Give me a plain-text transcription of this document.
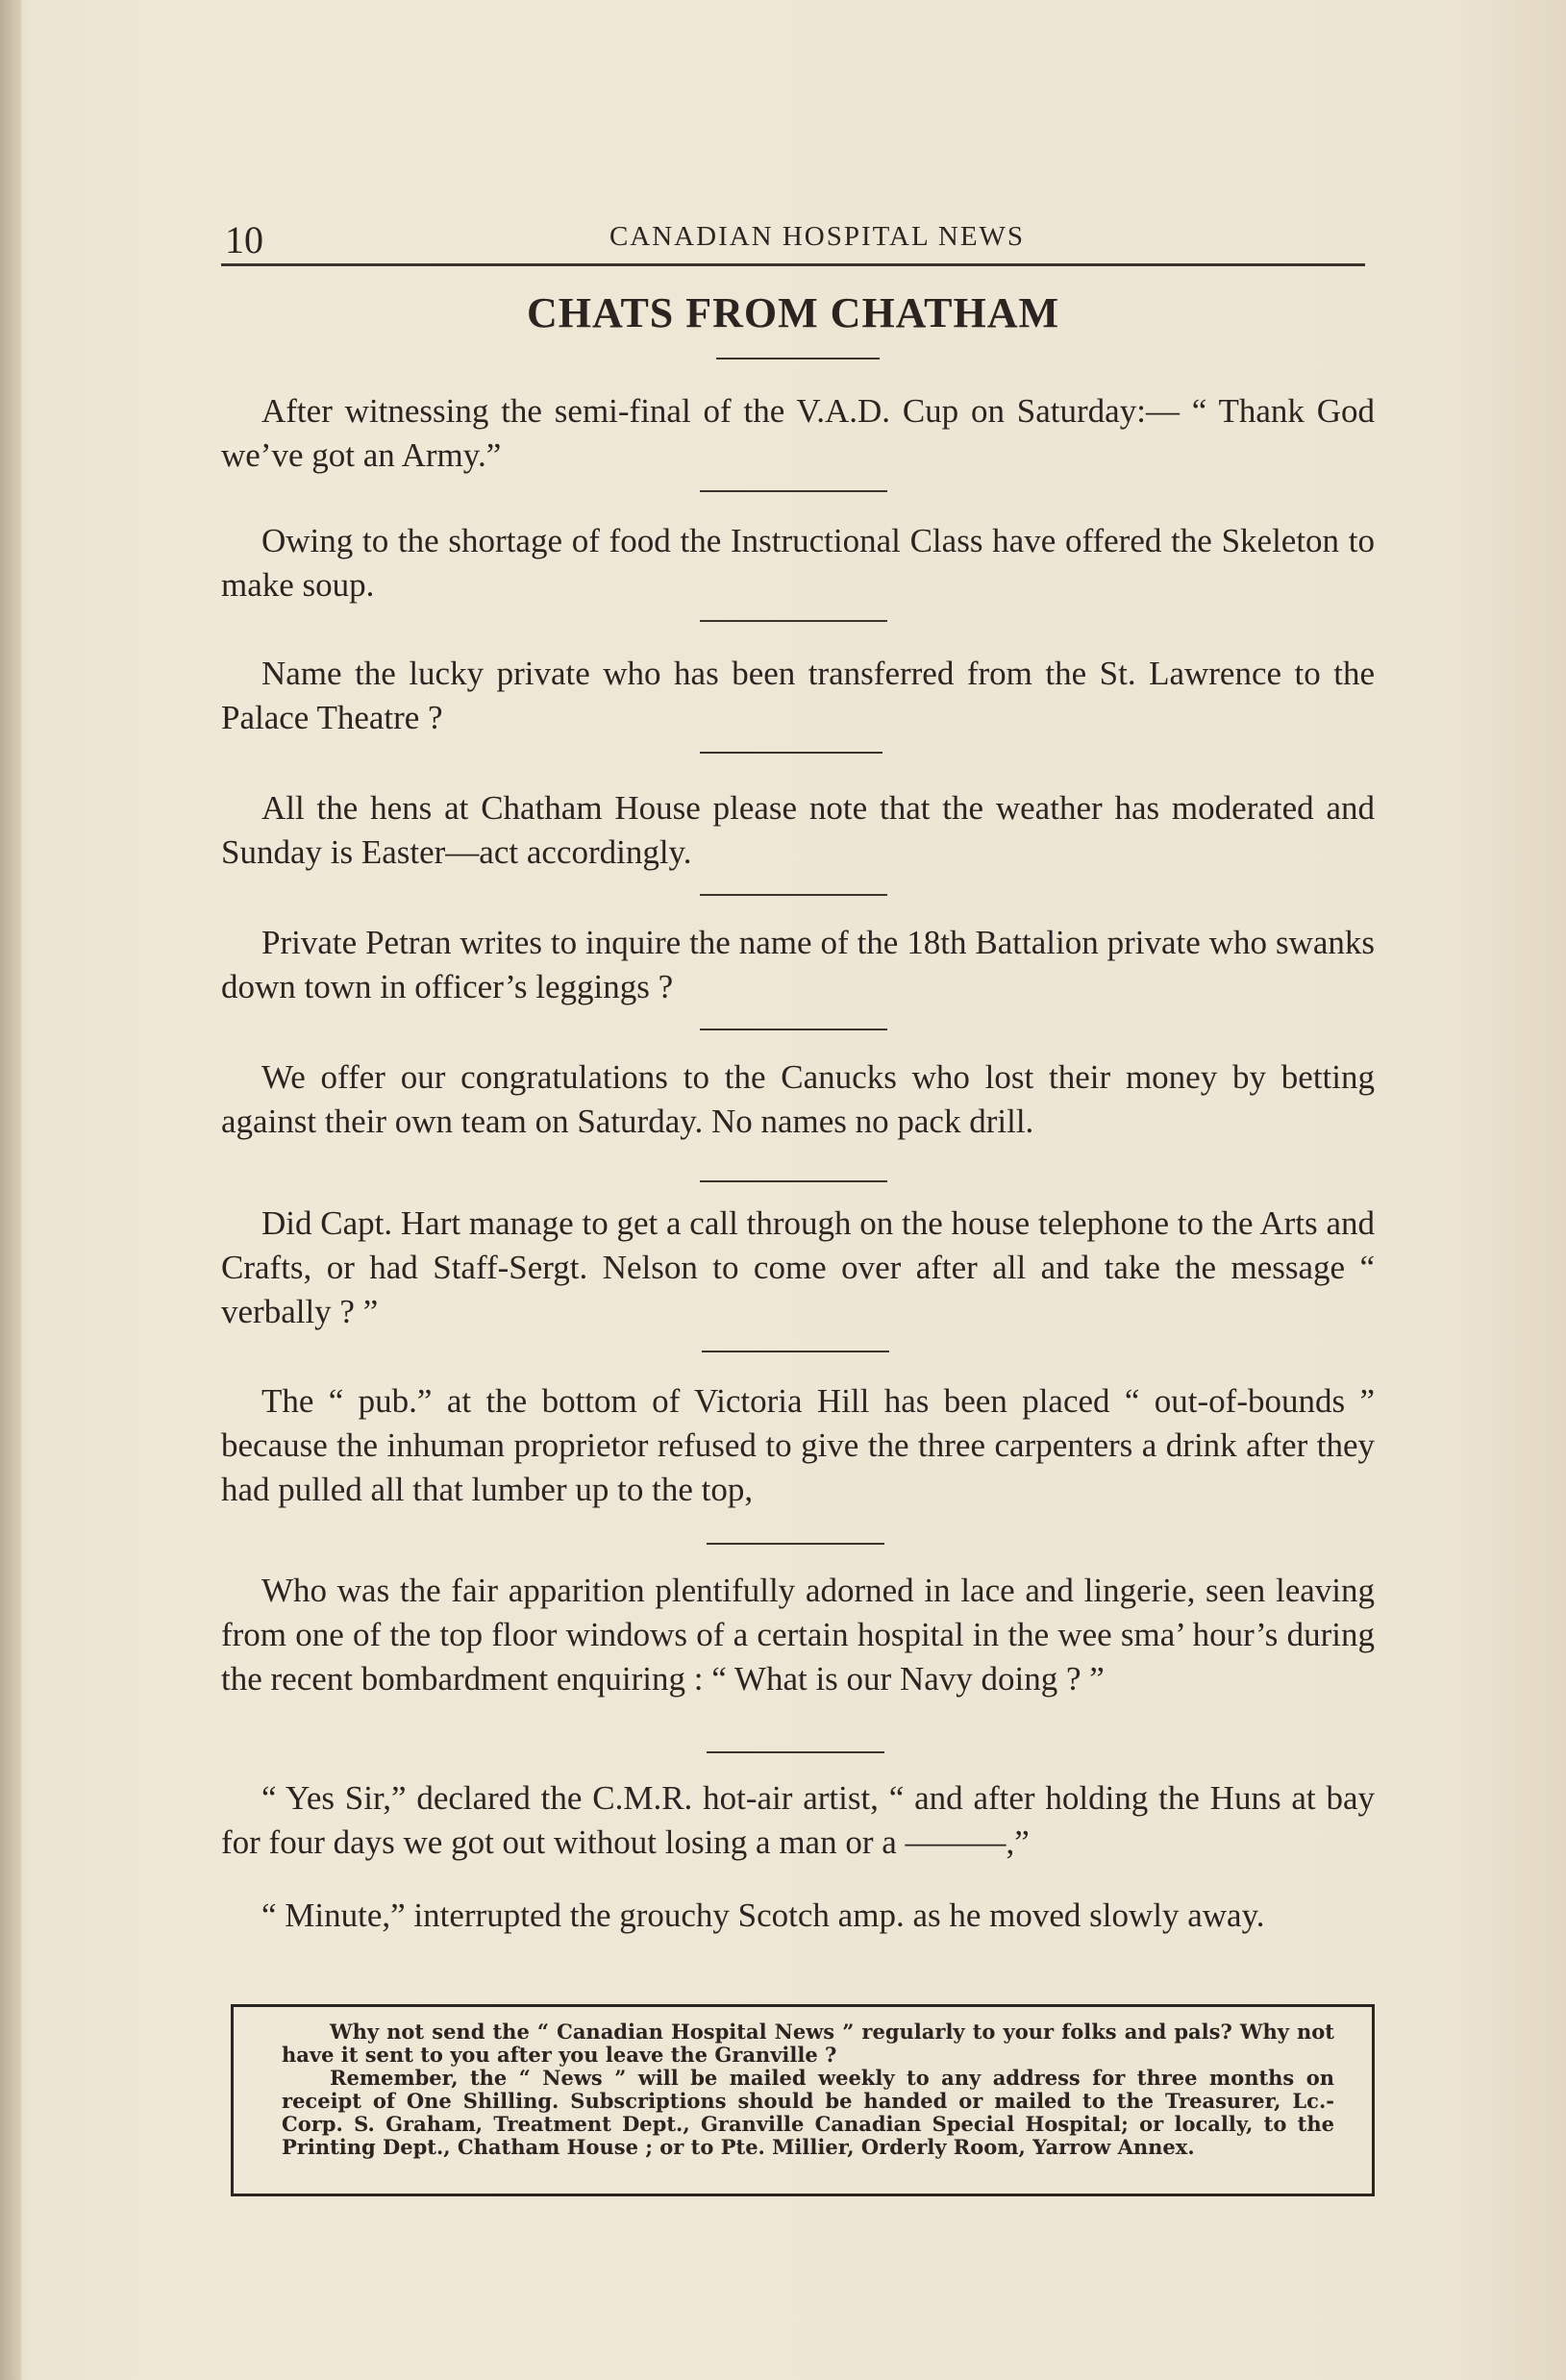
10	CANADIAN HOSPITAL NEWS
CHATS FROM CHATHAM
After witnessing the semi-final of the V.A.D. Cup on Saturday:— “ Thank God we’ve got an Army.”
Owing to the shortage of food the Instructional Class have offered the Skeleton to make soup.
Name the lucky private who has been transferred from the St. Lawrence to the Palace Theatre ?
All the hens at Chatham House please note that the weather has moderated and Sunday is Easter—act accordingly.
Private Petran writes to inquire the name of the 18th Battalion private who swanks down town in officer’s leggings ?
We offer our congratulations to the Canucks who lost their money by betting against their own team on Saturday. No names no pack drill.
Did Capt. Hart manage to get a call through on the house telephone to the Arts and Crafts, or had Staff-Sergt. Nelson to come over after all and take the message “ verbally ? ”
The “ pub.” at the bottom of Victoria Hill has been placed “ out-of-bounds ” because the inhuman proprietor refused to give the three carpenters a drink after they had pulled all that lumber up to the top,
Who was the fair apparition plentifully adorned in lace and lingerie, seen leaving from one of the top floor windows of a certain hospital in the wee sma’ hour’s during the recent bombardment enquiring : “ What is our Navy doing ? ”
“ Yes Sir,” declared the C.M.R. hot-air artist, “ and after holding the Huns at bay for four days we got out without losing a man or a ———,”
“ Minute,” interrupted the grouchy Scotch amp. as he moved slowly away.

Why not send the “ Canadian Hospital News ” regularly to your folks and pals? Why not have it sent to you after you leave the Granville ?

Remember, the “ News ” will be mailed weekly to any address for three months on receipt of One Shilling. Subscriptions should be handed or mailed to the Treasurer, Lc.-Corp. S. Graham, Treatment Dept., Granville Canadian Special Hospital; or locally, to the Printing Dept., Chatham House ; or to Pte. Millier, Orderly Room, Yarrow Annex.
